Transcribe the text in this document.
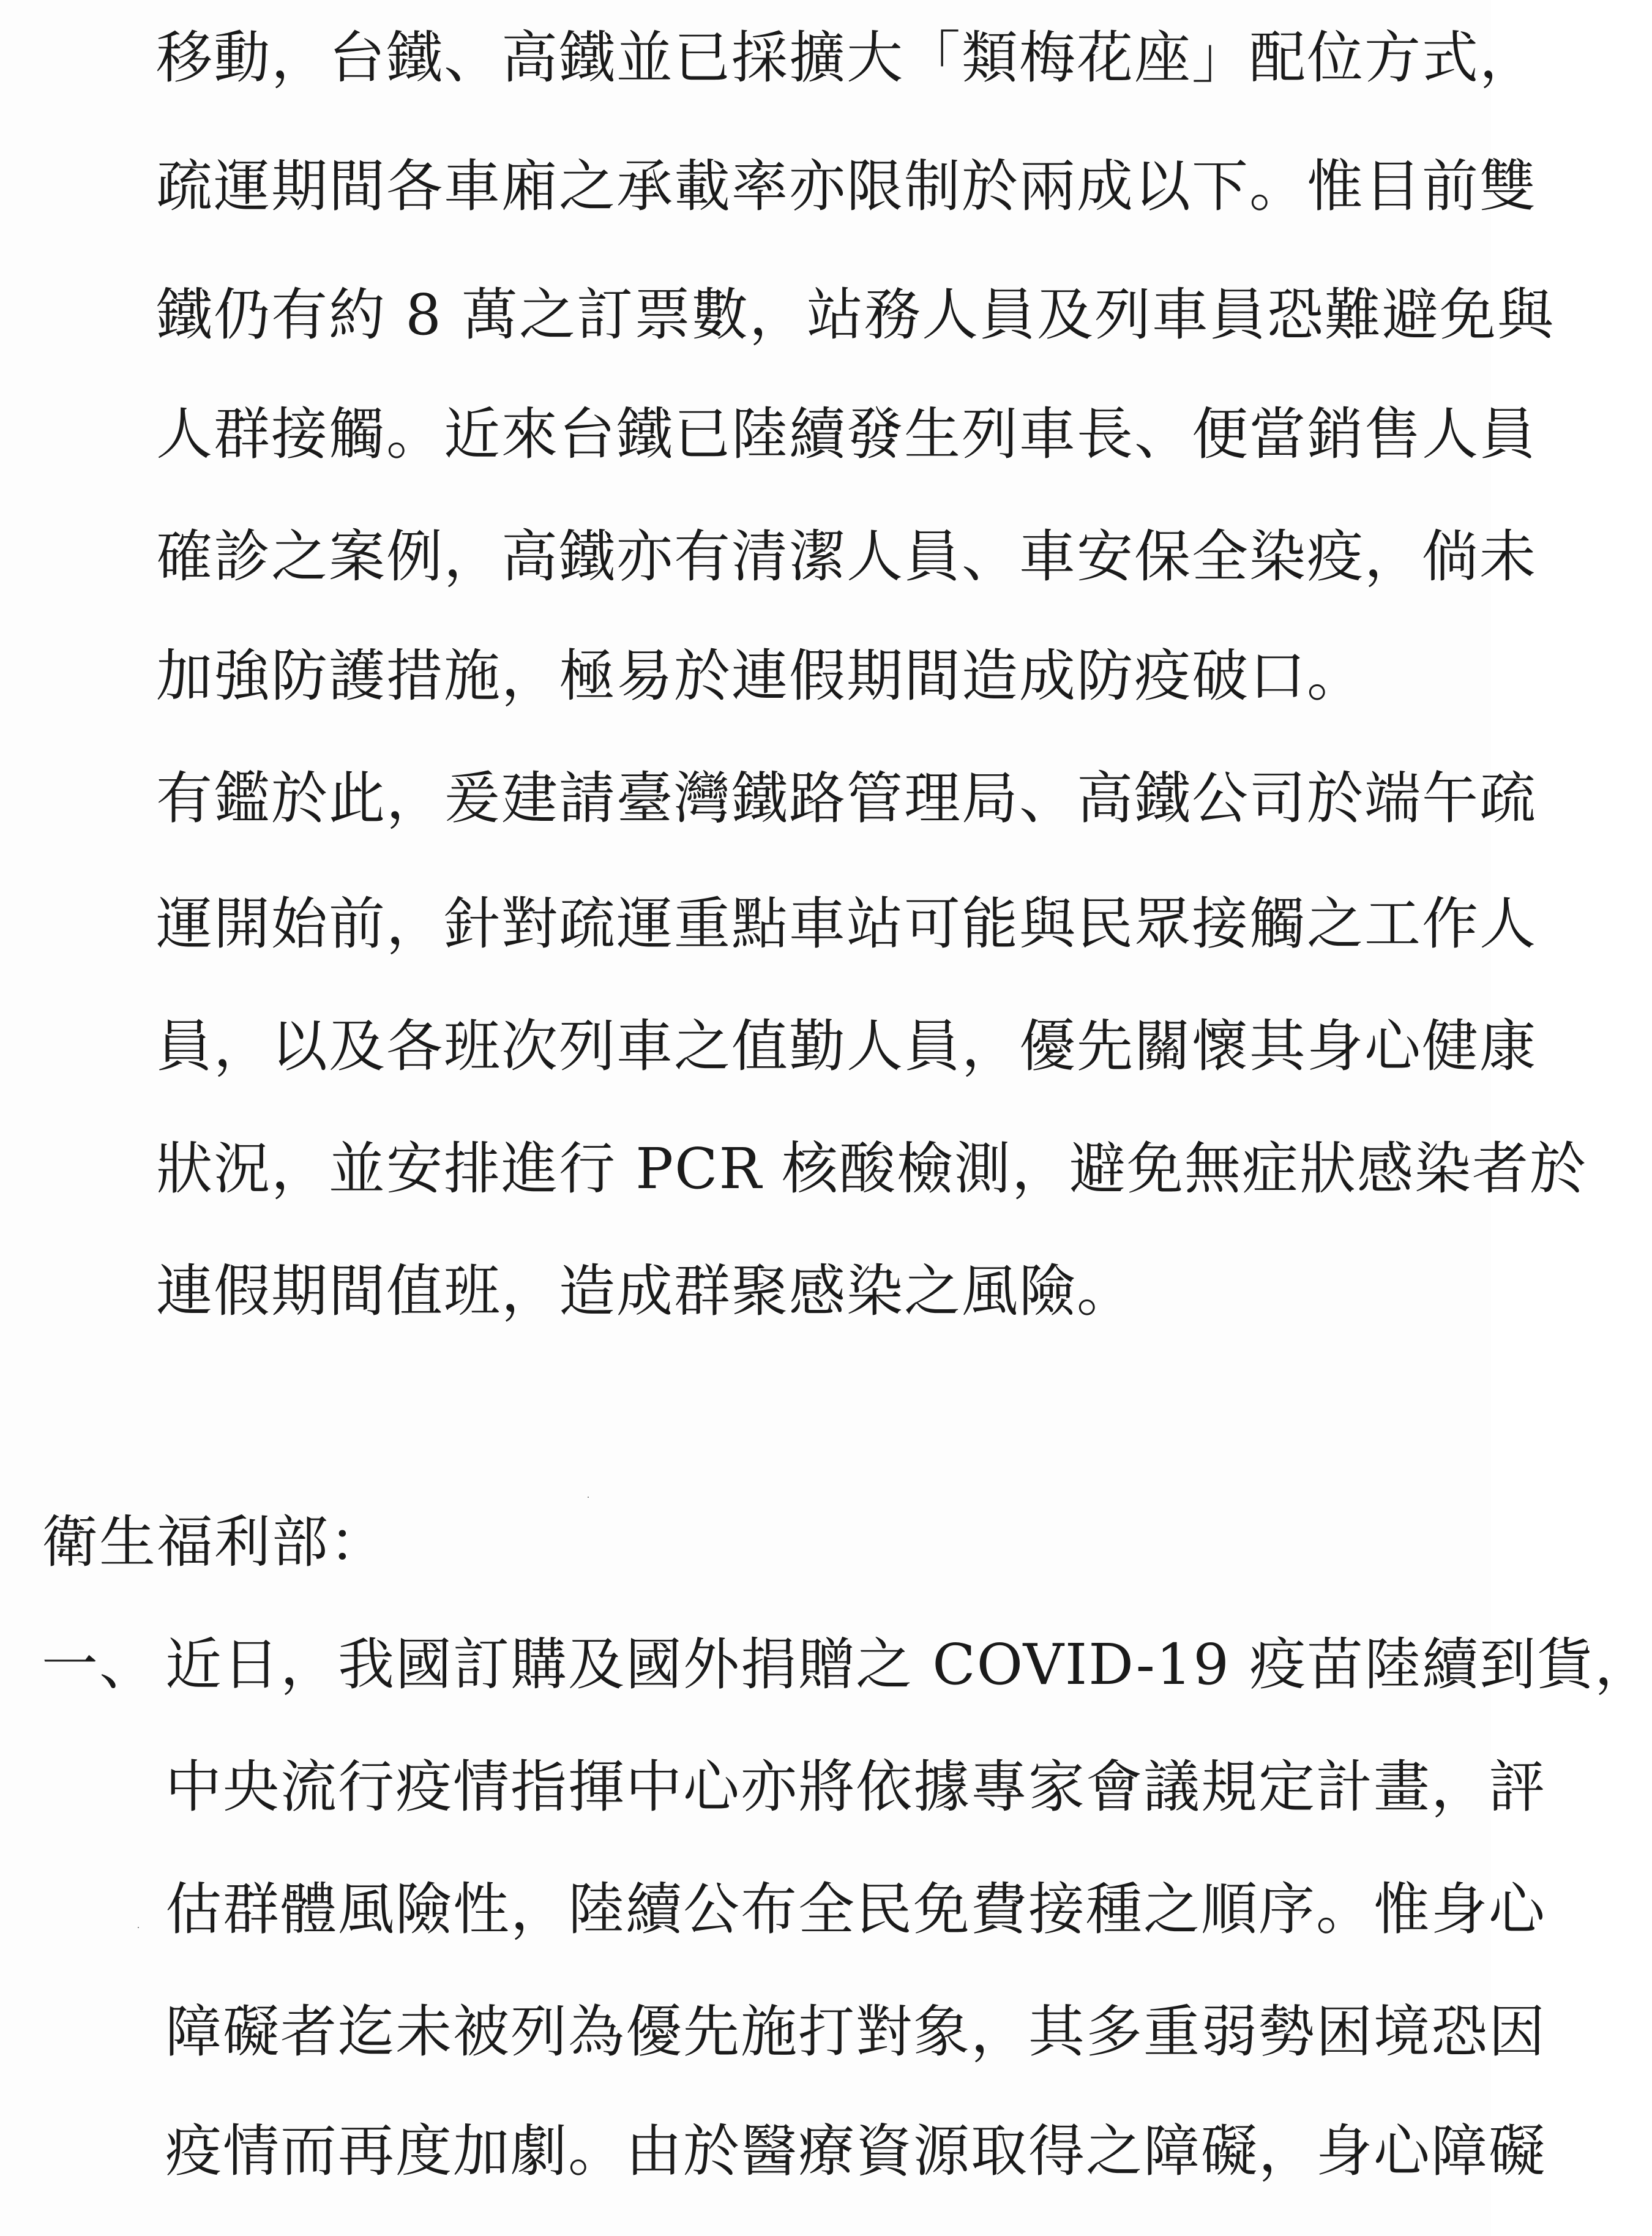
移動，台鐵、高鐵並已採擴大「類梅花座」配位方式，
疏運期間各車廂之承載率亦限制於兩成以下。惟目前雙
鐵仍有約 8 萬之訂票數，站務人員及列車員恐難避免與
人群接觸。近來台鐵已陸續發生列車長、便當銷售人員
確診之案例，高鐵亦有清潔人員、車安保全染疫，倘未
加強防護措施，極易於連假期間造成防疫破口。
有鑑於此，爰建請臺灣鐵路管理局、高鐵公司於端午疏
運開始前，針對疏運重點車站可能與民眾接觸之工作人
員，以及各班次列車之值勤人員，優先關懷其身心健康
狀況，並安排進行 PCR 核酸檢測，避免無症狀感染者於
連假期間值班，造成群聚感染之風險。
衛生福利部：
一、 近日，我國訂購及國外捐贈之 COVID-19 疫苗陸續到貨，
中央流行疫情指揮中心亦將依據專家會議規定計畫，評
估群體風險性，陸續公布全民免費接種之順序。惟身心
障礙者迄未被列為優先施打對象，其多重弱勢困境恐因
疫情而再度加劇。由於醫療資源取得之障礙，身心障礙
